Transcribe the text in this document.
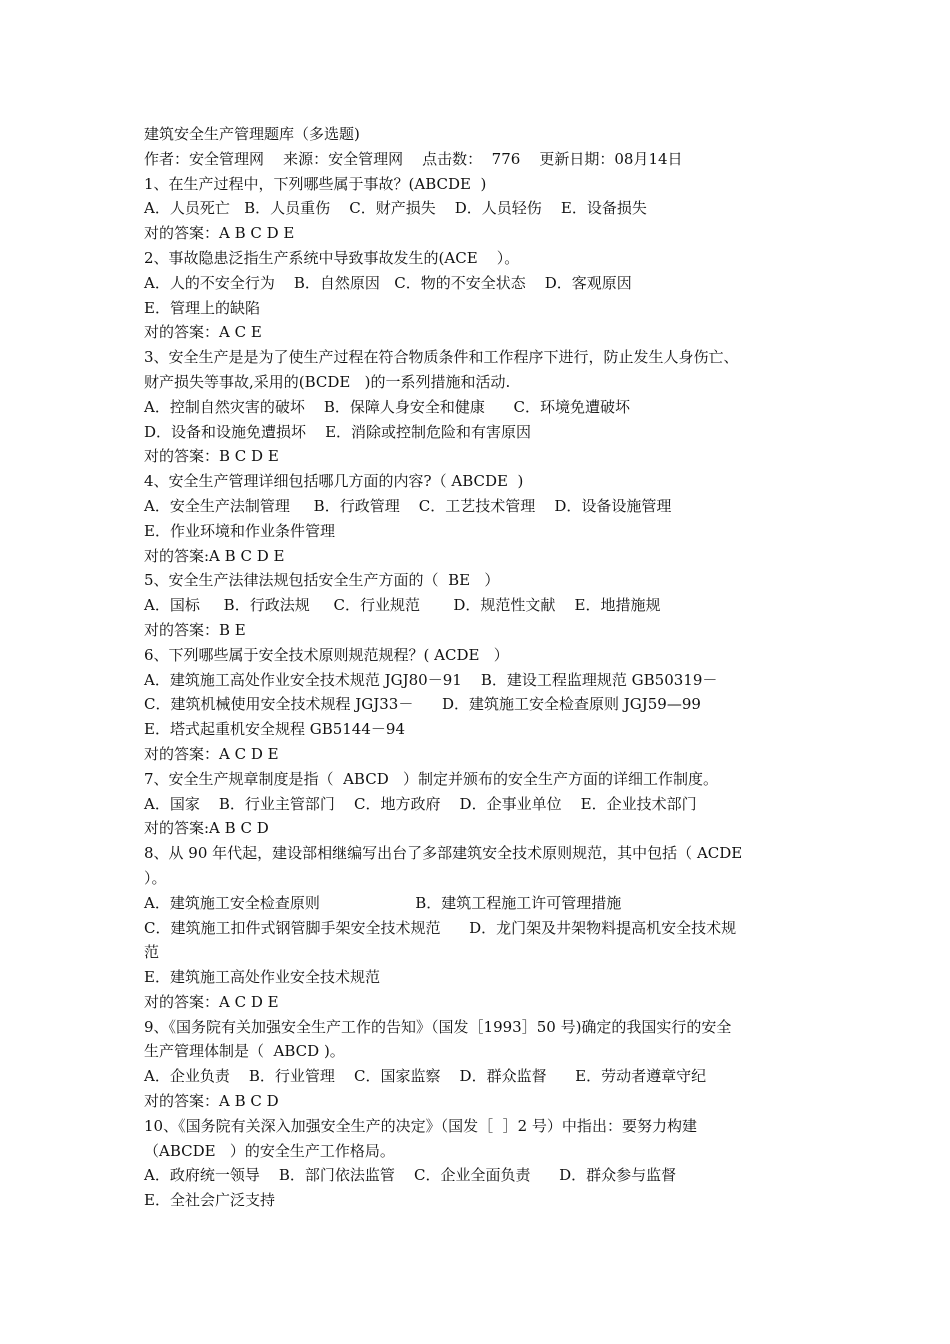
建筑安全生产管理题库（多选题)
作者：安全管理网    来源：安全管理网    点击数：  776    更新日期：08月14日
1、在生产过程中，下列哪些属于事故？(ABCDE  )
A．人员死亡   B．人员重伤    C．财产损失    D．人员轻伤    E．设备损失
对的答案：A B C D E
2、事故隐患泛指生产系统中导致事故发生的(ACE    ）。
A．人的不安全行为    B．自然原因   C．物的不安全状态    D．客观原因
E．管理上的缺陷
对的答案：A C E
3、安全生产是是为了使生产过程在符合物质条件和工作程序下进行，防止发生人身伤亡、
财产损失等事故,采用的(BCDE   )的一系列措施和活动.
A．控制自然灾害的破坏    B．保障人身安全和健康      C．环境免遭破坏
D．设备和设施免遭损坏    E．消除或控制危险和有害原因
对的答案：B C D E
4、安全生产管理详细包括哪几方面的内容?（ ABCDE  )
A．安全生产法制管理     B．行政管理    C．工艺技术管理    D．设备设施管理
E．作业环境和作业条件管理
对的答案:A B C D E
5、安全生产法律法规包括安全生产方面的（  BE   ）
A．国标     B．行政法规     C．行业规范       D．规范性文献    E．地措施规
对的答案：B E
6、下列哪些属于安全技术原则规范规程？( ACDE   ）
A．建筑施工高处作业安全技术规范 JGJ80－91    B．建设工程监理规范 GB50319－
C．建筑机械使用安全技术规程 JGJ33－      D．建筑施工安全检查原则 JGJ59—99
E．塔式起重机安全规程 GB5144－94
对的答案：A C D E
7、安全生产规章制度是指（  ABCD   ）制定并颁布的安全生产方面的详细工作制度。
A．国家    B．行业主管部门    C．地方政府    D．企事业单位    E．企业技术部门
对的答案:A B C D
8、从 90 年代起，建设部相继编写出台了多部建筑安全技术原则规范，其中包括（ ACDE
）。
A．建筑施工安全检查原则                    B．建筑工程施工许可管理措施
C．建筑施工扣件式钢管脚手架安全技术规范      D．龙门架及井架物料提高机安全技术规
范
E．建筑施工高处作业安全技术规范
对的答案：A C D E
9、《国务院有关加强安全生产工作的告知》（国发［1993］50 号)确定的我国实行的安全
生产管理体制是（  ABCD )。
A．企业负责    B．行业管理    C．国家监察    D．群众监督      E．劳动者遵章守纪
对的答案：A B C D
10、《国务院有关深入加强安全生产的决定》（国发［  ］2 号）中指出：要努力构建
（ABCDE   ）的安全生产工作格局。
A．政府统一领导    B．部门依法监管    C．企业全面负责      D．群众参与监督
E．全社会广泛支持
